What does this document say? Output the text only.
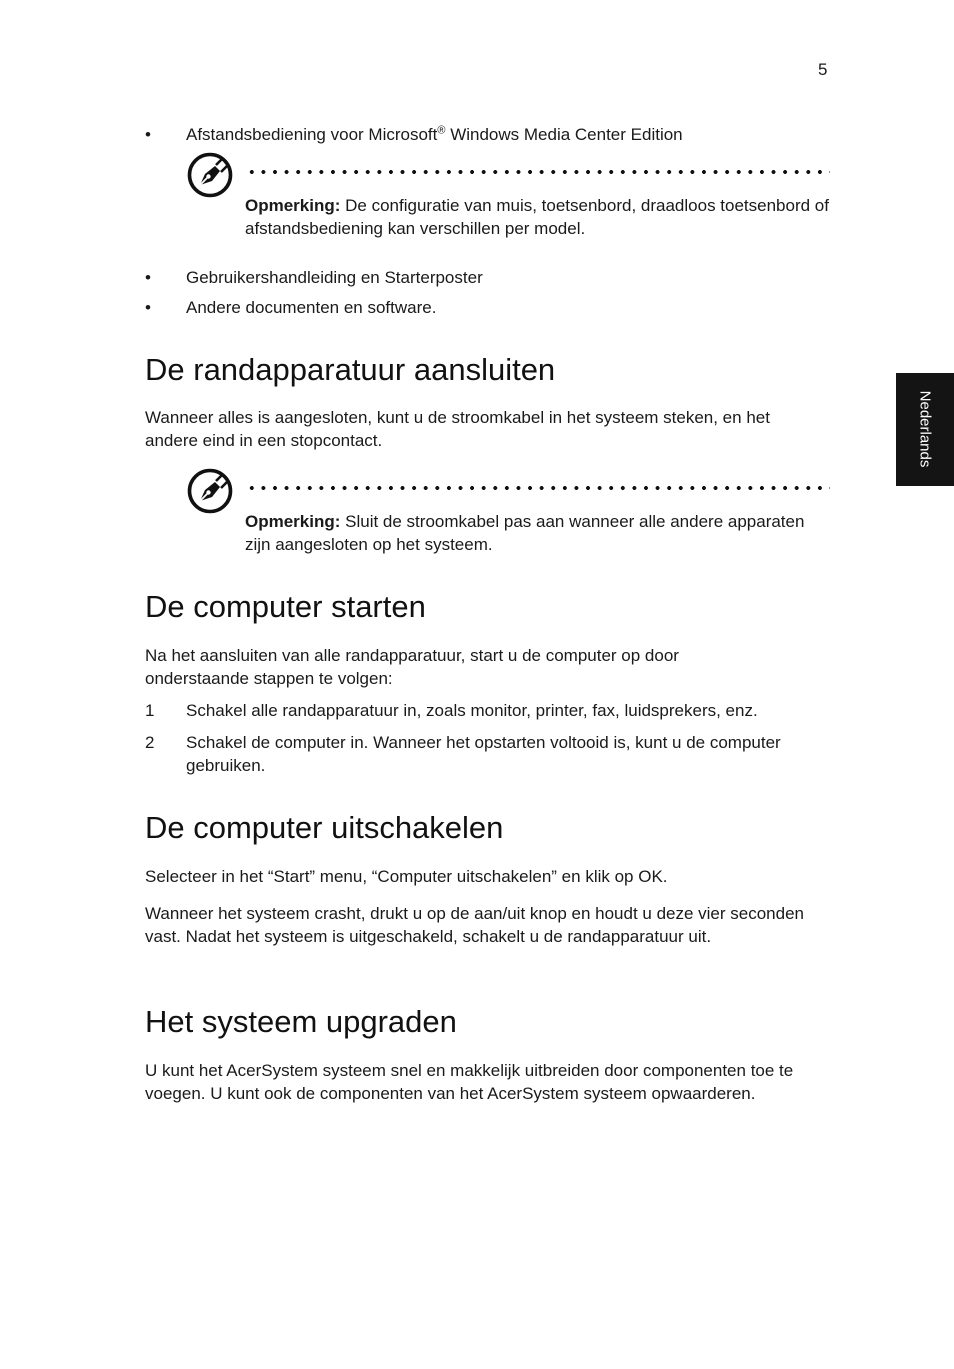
5
Nederlands
• Afstandsbediening voor Microsoft® Windows Media Center Edition
Opmerking: De configuratie van muis, toetsenbord, draadloos toetsenbord of afstandsbediening kan verschillen per model.
• Gebruikershandleiding en Starterposter
• Andere documenten en software.
De randapparatuur aansluiten
Wanneer alles is aangesloten, kunt u de stroomkabel in het systeem steken, en het andere eind in een stopcontact.
Opmerking: Sluit de stroomkabel pas aan wanneer alle andere apparaten zijn aangesloten op het systeem.
De computer starten
Na het aansluiten van alle randapparatuur, start u de computer op door onderstaande stappen te volgen:
1 Schakel alle randapparatuur in, zoals monitor, printer, fax, luidsprekers, enz.
2 Schakel de computer in. Wanneer het opstarten voltooid is, kunt u de computer gebruiken.
De computer uitschakelen
Selecteer in het “Start” menu, “Computer uitschakelen” en klik op OK.
Wanneer het systeem crasht, drukt u op de aan/uit knop en houdt u deze vier seconden vast. Nadat het systeem is uitgeschakeld, schakelt u de randapparatuur uit.
Het systeem upgraden
U kunt het AcerSystem systeem snel en makkelijk uitbreiden door componenten toe te voegen. U kunt ook de componenten van het AcerSystem systeem opwaarderen.
